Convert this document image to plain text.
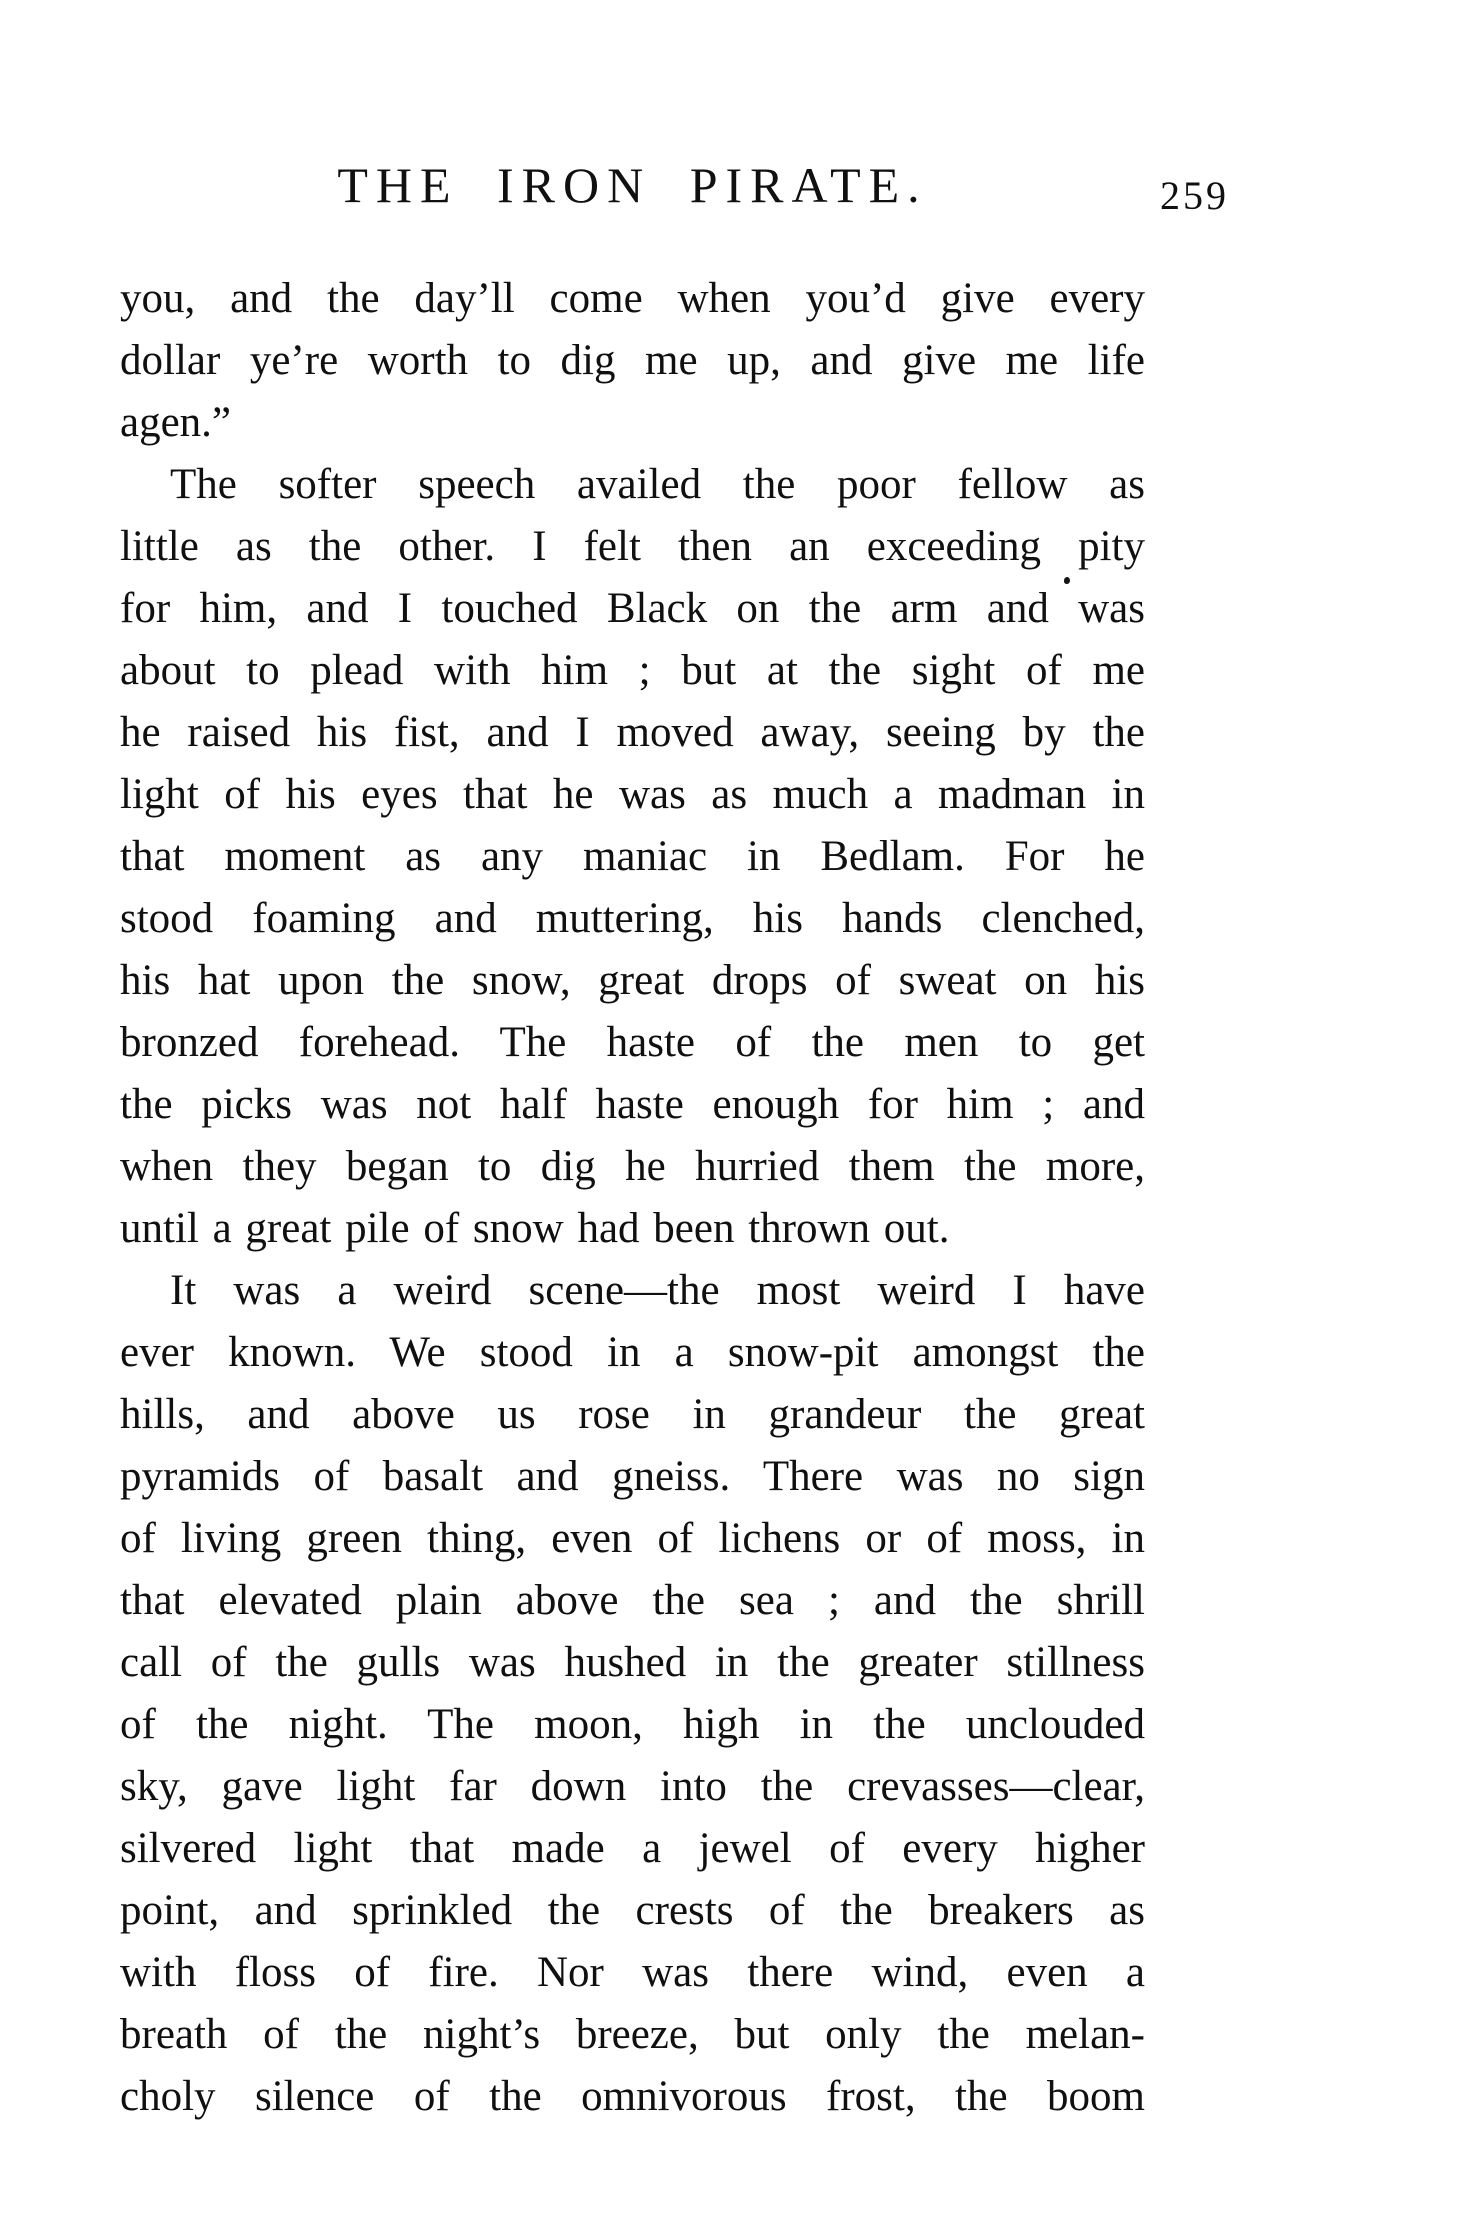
THE IRON PIRATE.	259
you, and the day’ll come when you’d give every
dollar ye’re worth to dig me up, and give me life
agen.”
The softer speech availed the poor fellow as
little as the other. I felt then an exceeding pity
for him, and I touched Black on the arm and was
about to plead with him ; but at the sight of me
he raised his fist, and I moved away, seeing by the
light of his eyes that he was as much a madman in
that moment as any maniac in Bedlam. For he
stood foaming and muttering, his hands clenched,
his hat upon the snow, great drops of sweat on his
bronzed forehead. The haste of the men to get
the picks was not half haste enough for him ; and
when they began to dig he hurried them the more,
until a great pile of snow had been thrown out.
It was a weird scene—the most weird I have
ever known. We stood in a snow-pit amongst the
hills, and above us rose in grandeur the great
pyramids of basalt and gneiss. There was no sign
of living green thing, even of lichens or of moss, in
that elevated plain above the sea ; and the shrill
call of the gulls was hushed in the greater stillness
of the night. The moon, high in the unclouded
sky, gave light far down into the crevasses—clear,
silvered light that made a jewel of every higher
point, and sprinkled the crests of the breakers as
with floss of fire. Nor was there wind, even a
breath of the night’s breeze, but only the melan-
choly silence of the omnivorous frost, the boom
